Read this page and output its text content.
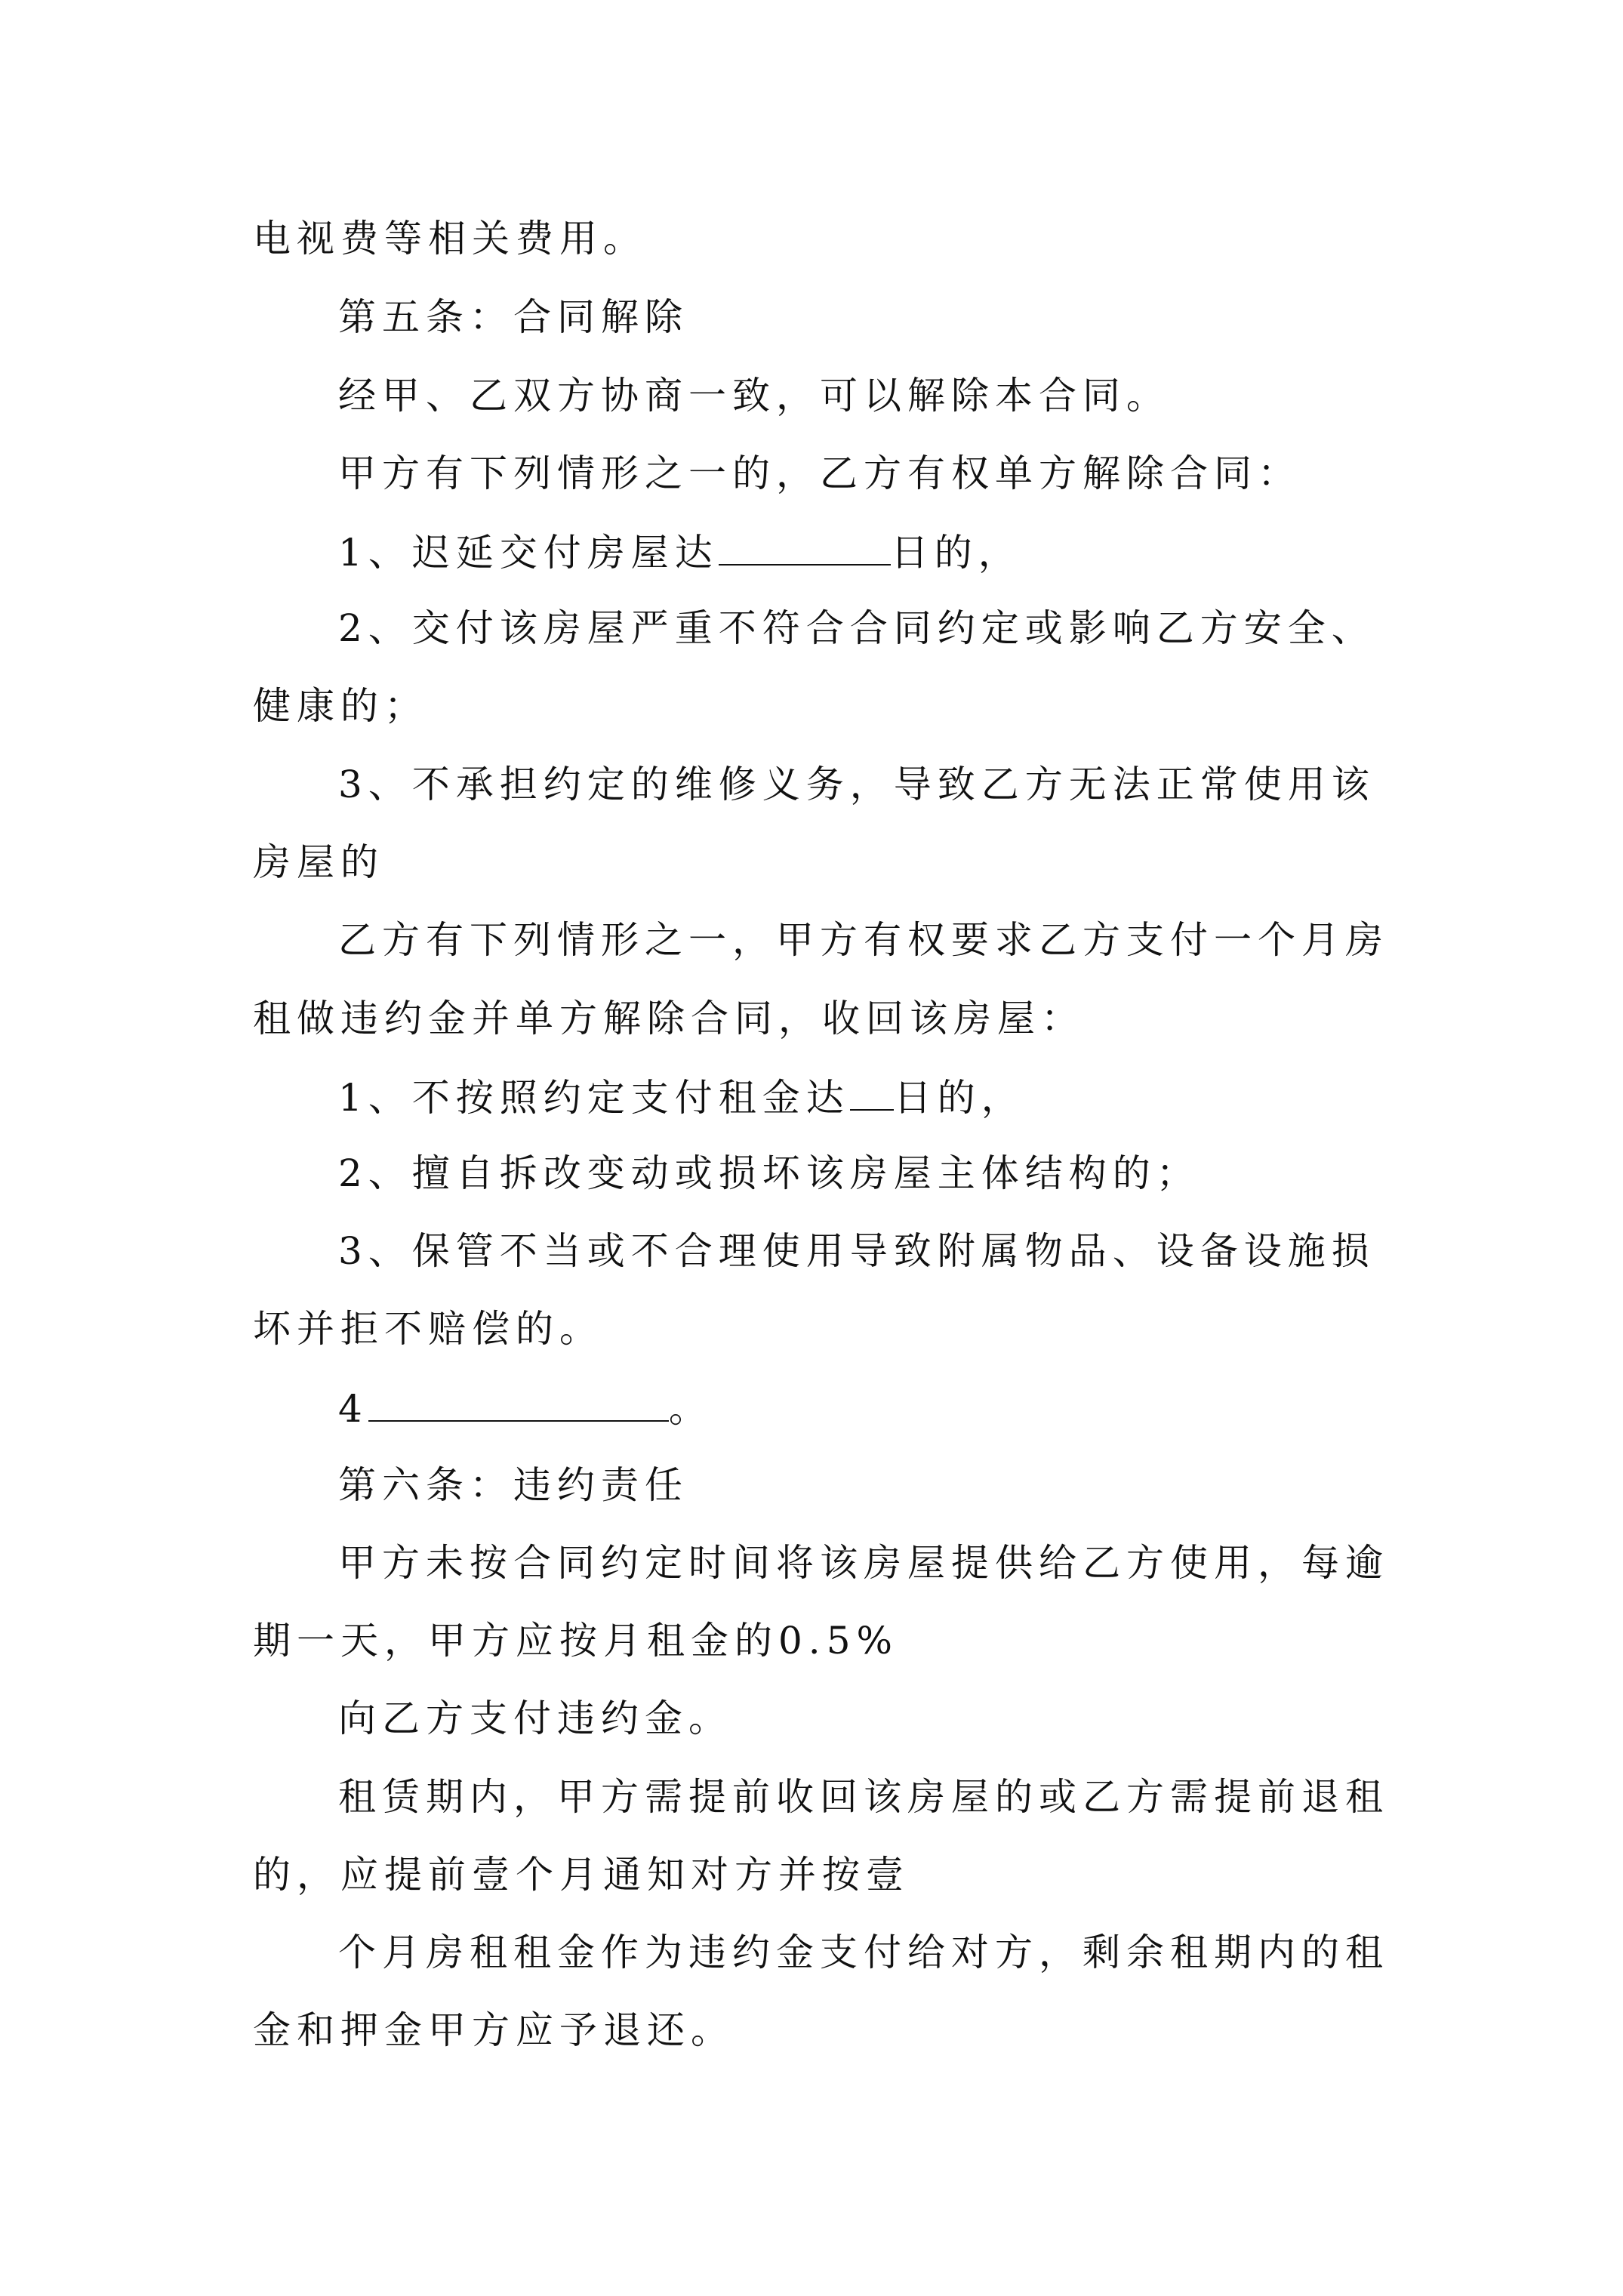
电视费等相关费用。

第五条：合同解除

经甲、乙双方协商一致，可以解除本合同。

甲方有下列情形之一的，乙方有权单方解除合同：

1、迟延交付房屋达	日的，

2、交付该房屋严重不符合合同约定或影响乙方安全、

健康的；

3、不承担约定的维修义务，导致乙方无法正常使用该

房屋的

乙方有下列情形之一，甲方有权要求乙方支付一个月房

租做违约金并单方解除合同，收回该房屋：

1、不按照约定支付租金达 日的，

2、擅自拆改变动或损坏该房屋主体结构的；

3、保管不当或不合理使用导致附属物品、设备设施损

坏并拒不赔偿的。

4	。

第六条：违约责任

甲方未按合同约定时间将该房屋提供给乙方使用，每逾

期一天，甲方应按月租金的0.5%

向乙方支付违约金。

租赁期内，甲方需提前收回该房屋的或乙方需提前退租

的，应提前壹个月通知对方并按壹

个月房租租金作为违约金支付给对方，剩余租期内的租

金和押金甲方应予退还。
